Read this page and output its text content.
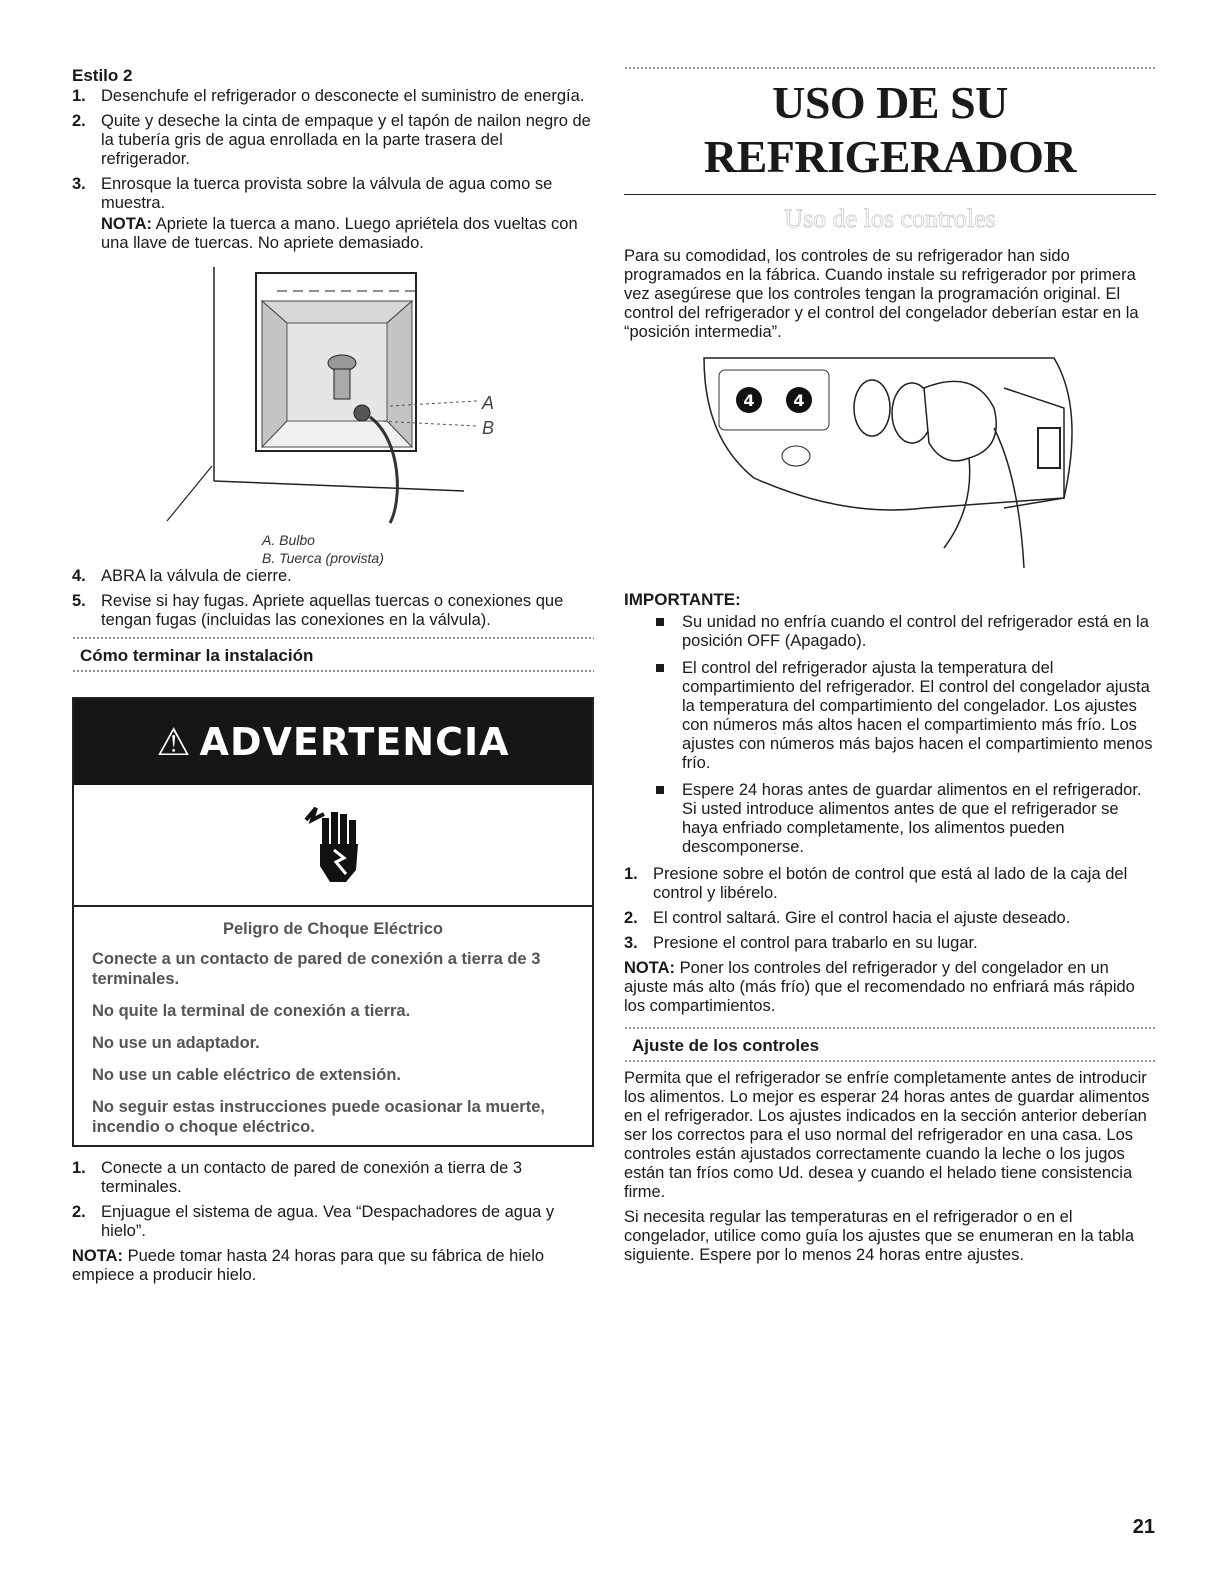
Estilo 2
1. Desenchufe el refrigerador o desconecte el suministro de energía.
2. Quite y deseche la cinta de empaque y el tapón de nailon negro de la tubería gris de agua enrollada en la parte trasera del refrigerador.
3. Enrosque la tuerca provista sobre la válvula de agua como se muestra.
NOTA: Apriete la tuerca a mano. Luego apriétela dos vueltas con una llave de tuercas. No apriete demasiado.
A
B
A. Bulbo
B. Tuerca (provista)
4. ABRA la válvula de cierre.
5. Revise si hay fugas. Apriete aquellas tuercas o conexiones que tengan fugas (incluidas las conexiones en la válvula).
Cómo terminar la instalación
⚠ ADVERTENCIA
Peligro de Choque Eléctrico

Conecte a un contacto de pared de conexión a tierra de 3 terminales.

No quite la terminal de conexión a tierra.

No use un adaptador.

No use un cable eléctrico de extensión.

No seguir estas instrucciones puede ocasionar la muerte, incendio o choque eléctrico.

1. Conecte a un contacto de pared de conexión a tierra de 3 terminales.
2. Enjuague el sistema de agua. Vea “Despachadores de agua y hielo”.
NOTA: Puede tomar hasta 24 horas para que su fábrica de hielo empiece a producir hielo.
USO DE SU REFRIGERADOR
Uso de los controles

Para su comodidad, los controles de su refrigerador han sido programados en la fábrica. Cuando instale su refrigerador por primera vez asegúrese que los controles tengan la programación original. El control del refrigerador y el control del congelador deberían estar en la “posición intermedia”.

4 4
IMPORTANTE:
Su unidad no enfría cuando el control del refrigerador está en la posición OFF (Apagado).
El control del refrigerador ajusta la temperatura del compartimiento del refrigerador. El control del congelador ajusta la temperatura del compartimiento del congelador. Los ajustes con números más altos hacen el compartimiento más frío. Los ajustes con números más bajos hacen el compartimiento menos frío.
Espere 24 horas antes de guardar alimentos en el refrigerador. Si usted introduce alimentos antes de que el refrigerador se haya enfriado completamente, los alimentos pueden descomponerse.
1. Presione sobre el botón de control que está al lado de la caja del control y libérelo.
2. El control saltará. Gire el control hacia el ajuste deseado.
3. Presione el control para trabarlo en su lugar.
NOTA: Poner los controles del refrigerador y del congelador en un ajuste más alto (más frío) que el recomendado no enfriará más rápido los compartimientos.
Ajuste de los controles

Permita que el refrigerador se enfríe completamente antes de introducir los alimentos. Lo mejor es esperar 24 horas antes de guardar alimentos en el refrigerador. Los ajustes indicados en la sección anterior deberían ser los correctos para el uso normal del refrigerador en una casa. Los controles están ajustados correctamente cuando la leche o los jugos están tan fríos como Ud. desea y cuando el helado tiene consistencia firme.

Si necesita regular las temperaturas en el refrigerador o en el congelador, utilice como guía los ajustes que se enumeran en la tabla siguiente. Espere por lo menos 24 horas entre ajustes.

21
